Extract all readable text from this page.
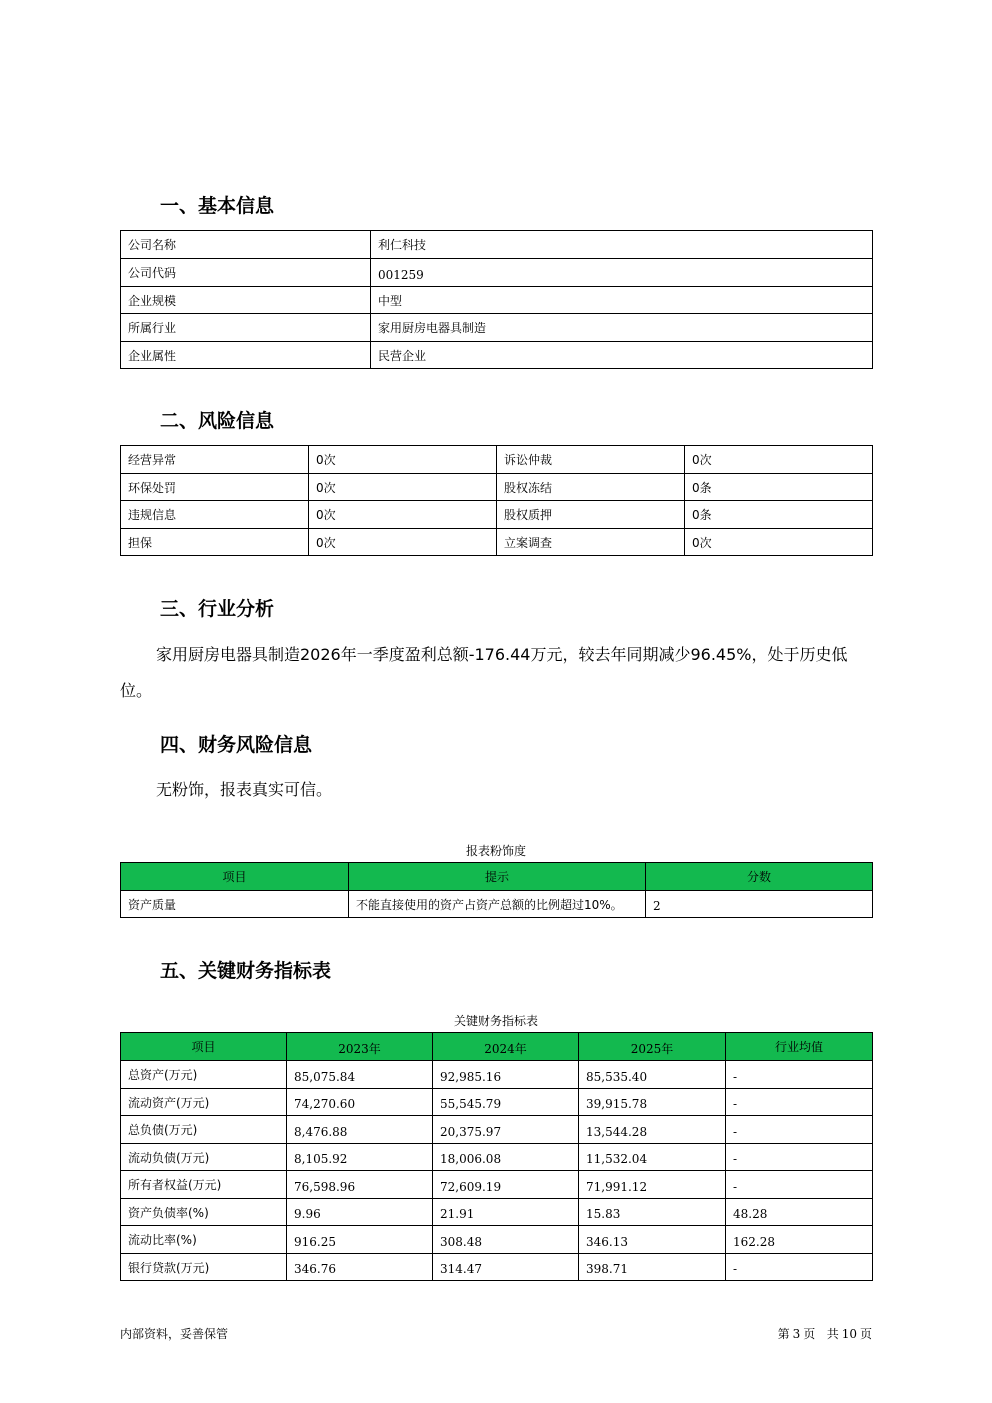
一、基本信息
公司名称	利仁科技
公司代码	001259
企业规模	中型
所属行业	家用厨房电器具制造
企业属性	民营企业
二、风险信息
经营异常	0次	诉讼仲裁	0次
环保处罚	0次	股权冻结	0条
违规信息	0次	股权质押	0条
担保	0次	立案调查	0次
三、行业分析

家用厨房电器具制造2026年一季度盈利总额-176.44万元，较去年同期减少96.45%，处于历史低位。

四、财务风险信息

无粉饰，报表真实可信。

报表粉饰度
项目	提示	分数
资产质量	不能直接使用的资产占资产总额的比例超过10%。	2
五、关键财务指标表
关键财务指标表
项目	2023年	2024年	2025年	行业均值
总资产(万元)	85,075.84	92,985.16	85,535.40	-
流动资产(万元)	74,270.60	55,545.79	39,915.78	-
总负债(万元)	8,476.88	20,375.97	13,544.28	-
流动负债(万元)	8,105.92	18,006.08	11,532.04	-
所有者权益(万元)	76,598.96	72,609.19	71,991.12	-
资产负债率(%)	9.96	21.91	15.83	48.28
流动比率(%)	916.25	308.48	346.13	162.28
银行贷款(万元)	346.76	314.47	398.71	-
内部资料，妥善保管	第 3 页 共 10 页
